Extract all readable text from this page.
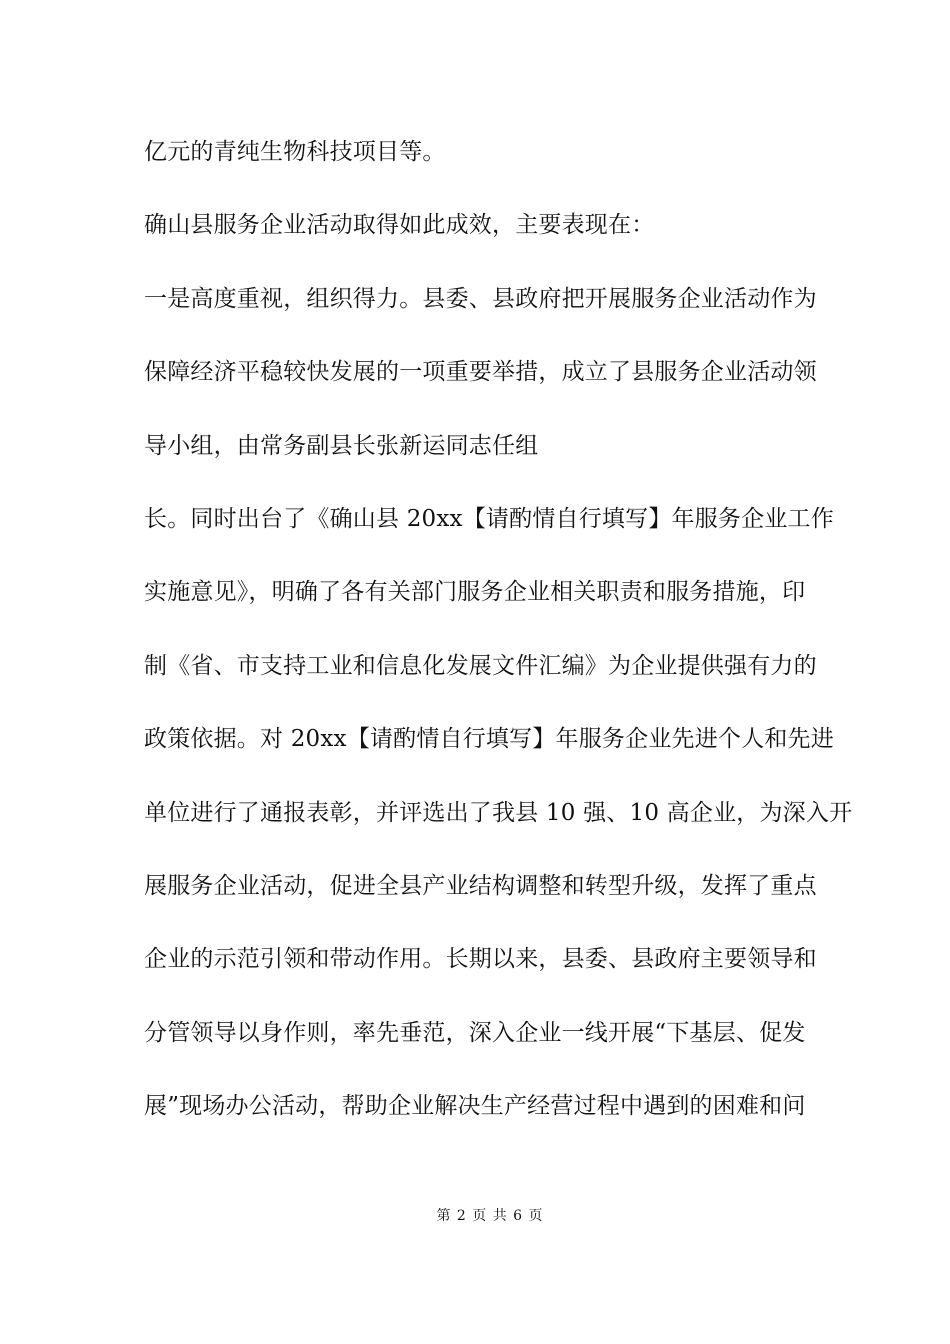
亿元的青纯生物科技项目等。
确山县服务企业活动取得如此成效，主要表现在：
一是高度重视，组织得力。县委、县政府把开展服务企业活动作为
保障经济平稳较快发展的一项重要举措，成立了县服务企业活动领
导小组，由常务副县长张新运同志任组
长。同时出台了《确山县 20xx【请酌情自行填写】年服务企业工作
实施意见》，明确了各有关部门服务企业相关职责和服务措施，印
制《省、市支持工业和信息化发展文件汇编》为企业提供强有力的
政策依据。对 20xx【请酌情自行填写】年服务企业先进个人和先进
单位进行了通报表彰，并评选出了我县 10 强、10 高企业，为深入开
展服务企业活动，促进全县产业结构调整和转型升级，发挥了重点
企业的示范引领和带动作用。长期以来，县委、县政府主要领导和
分管领导以身作则，率先垂范，深入企业一线开展“下基层、促发
展”现场办公活动，帮助企业解决生产经营过程中遇到的困难和问
第 2 页 共 6 页
